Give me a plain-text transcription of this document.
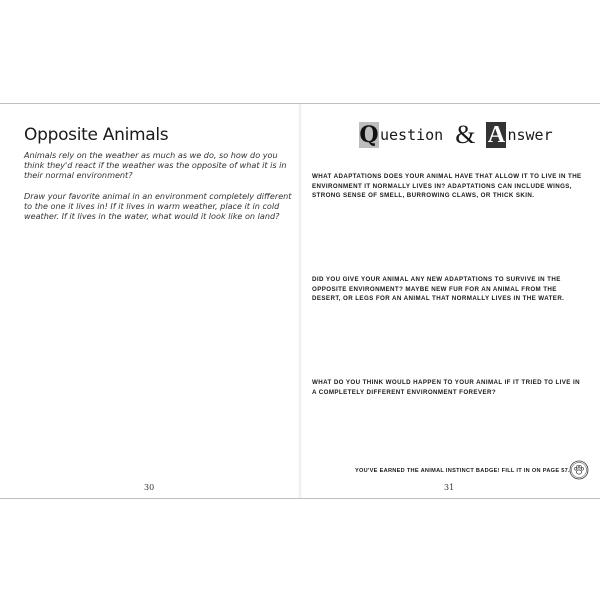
Opposite Animals

Animals rely on the weather as much as we do, so how do you think they'd react if the weather was the opposite of what it is in their normal environment?

Draw your favorite animal in an environment completely different to the one it lives in! If it lives in warm weather, place it in cold weather. If it lives in the water, what would it look like on land?

30
Q uestion & A nswer
WHAT ADAPTATIONS DOES YOUR ANIMAL HAVE THAT ALLOW IT TO LIVE IN THE ENVIRONMENT IT NORMALLY LIVES IN? ADAPTATIONS CAN INCLUDE WINGS, STRONG SENSE OF SMELL, BURROWING CLAWS, OR THICK SKIN.
DID YOU GIVE YOUR ANIMAL ANY NEW ADAPTATIONS TO SURVIVE IN THE OPPOSITE ENVIRONMENT? MAYBE NEW FUR FOR AN ANIMAL FROM THE DESERT, OR LEGS FOR AN ANIMAL THAT NORMALLY LIVES IN THE WATER.
WHAT DO YOU THINK WOULD HAPPEN TO YOUR ANIMAL IF IT TRIED TO LIVE IN A COMPLETELY DIFFERENT ENVIRONMENT FOREVER?
YOU'VE EARNED THE ANIMAL INSTINCT BADGE! FILL IT IN ON PAGE 57.
31
